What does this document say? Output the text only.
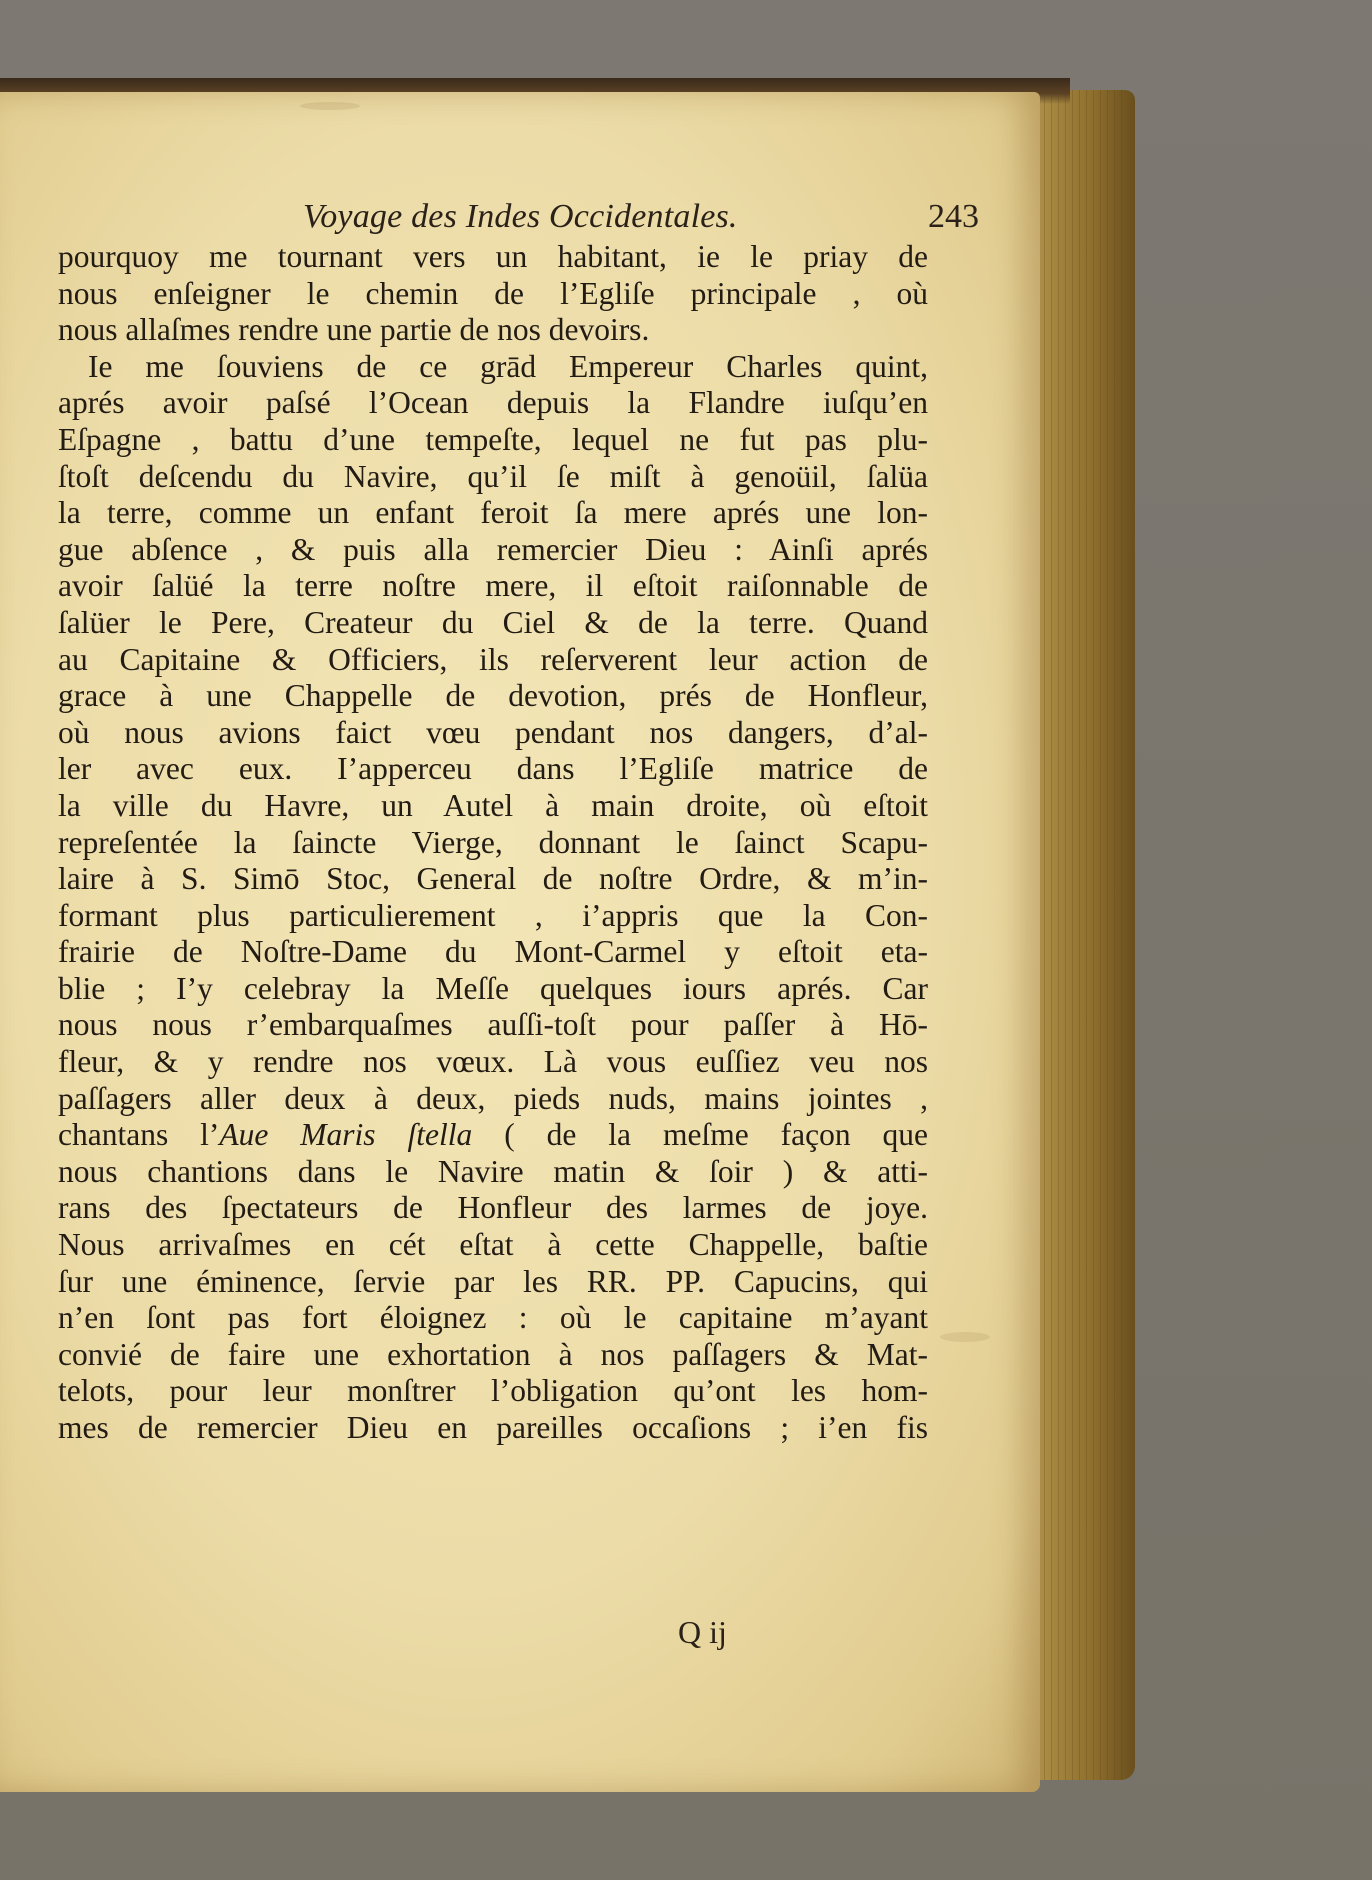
Voyage des Indes Occidentales.	243
pourquoy me tournant vers un habitant, ie le priay de
nous enſeigner le chemin de l’Egliſe principale , où
nous allaſmes rendre une partie de nos devoirs.
Ie me ſouviens de ce grād Empereur Charles quint,
aprés avoir paſsé l’Ocean depuis la Flandre iuſqu’en
Eſpagne , battu d’une tempeſte, lequel ne fut pas plu-
ſtoſt deſcendu du Navire, qu’il ſe miſt à genoüil, ſalüa
la terre, comme un enfant feroit ſa mere aprés une lon-
gue abſence , & puis alla remercier Dieu : Ainſi aprés
avoir ſalüé la terre noſtre mere, il eſtoit raiſonnable de
ſalüer le Pere, Createur du Ciel & de la terre. Quand
au Capitaine & Officiers, ils reſerverent leur action de
grace à une Chappelle de devotion, prés de Honfleur,
où nous avions faict vœu pendant nos dangers, d’al-
ler avec eux. I’apperceu dans l’Egliſe matrice de
la ville du Havre, un Autel à main droite, où eſtoit
repreſentée la ſaincte Vierge, donnant le ſainct Scapu-
laire à S. Simō Stoc, General de noſtre Ordre, & m’in-
formant plus particulierement , i’appris que la Con-
frairie de Noſtre-Dame du Mont-Carmel y eſtoit eta-
blie ; I’y celebray la Meſſe quelques iours aprés. Car
nous nous r’embarquaſmes auſſi-toſt pour paſſer à Hō-
fleur, & y rendre nos vœux. Là vous euſſiez veu nos
paſſagers aller deux à deux, pieds nuds, mains jointes ,
chantans l’Aue Maris ſtella ( de la meſme façon que
nous chantions dans le Navire matin & ſoir ) & atti-
rans des ſpectateurs de Honfleur des larmes de joye.
Nous arrivaſmes en cét eſtat à cette Chappelle, baſtie
ſur une éminence, ſervie par les RR. PP. Capucins, qui
n’en ſont pas fort éloignez : où le capitaine m’ayant
convié de faire une exhortation à nos paſſagers & Mat-
telots, pour leur monſtrer l’obligation qu’ont les hom-
mes de remercier Dieu en pareilles occaſions ; i’en fis
Q ij
